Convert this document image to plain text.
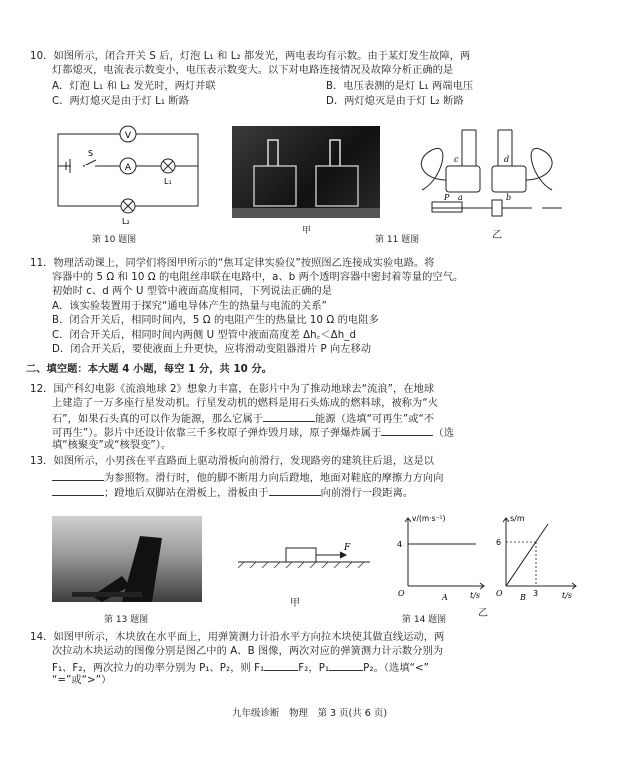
10．如图所示，闭合开关 S 后，灯泡 L₁ 和 L₂ 都发光，两电表均有示数。由于某灯发生故障，两
灯都熄灭，电流表示数变小，电压表示数变大。以下对电路连接情况及故障分析正确的是
A．灯泡 L₁ 和 L₂ 发光时，两灯并联	B．电压表测的是灯 L₁ 两端电压
C．两灯熄灭是由于灯 L₁ 断路	D．两灯熄灭是由于灯 L₂ 断路
V
A
S
L₁
L₂
第 10 题图
甲
c	d
a	b
P
第 11 题图	乙
11．物理活动课上，同学们将图甲所示的“焦耳定律实验仪”按照图乙连接成实验电路。将
容器中的 5 Ω 和 10 Ω 的电阻丝串联在电路中，a、b 两个透明容器中密封着等量的空气。
初始时 c、d 两个 U 型管中液面高度相同，下列说法正确的是
A．该实验装置用于探究“通电导体产生的热量与电流的关系”
B．闭合开关后，相同时间内，5 Ω 的电阻产生的热量比 10 Ω 的电阻多
C．闭合开关后，相同时间内两侧 U 型管中液面高度差 Δh꜀＜Δh_d
D．闭合开关后，要使液面上升更快，应将滑动变阻器滑片 P 向左移动
二、填空题：本大题 4 小题，每空 1 分，共 10 分。
12．国产科幻电影《流浪地球 2》想象力丰富，在影片中为了推动地球去“流浪”，在地球
上建造了一万多座行星发动机。行星发动机的燃料是用石头炼成的燃料球，被称为“火
石”，如果石头真的可以作为能源，那么它属于	能源（选填“可再生”或“不
可再生”）。影片中还设计依靠三千多枚原子弹炸毁月球，原子弹爆炸属于	（选
填“核聚变”或“核裂变”）。
13．如图所示，小男孩在平直路面上驱动滑板向前滑行，发现路旁的建筑往后退，这是以
为参照物。滑行时，他的脚不断用力向后蹬地，地面对鞋底的摩擦力方向向
；蹬地后双脚站在滑板上，滑板由于	向前滑行一段距离。
第 13 题图
F
甲
v/(m·s⁻¹)
4
O	t/s
A
s/m
6
3
O	t/s
B
第 14 题图
乙
14．如图甲所示，木块放在水平面上，用弹簧测力计沿水平方向拉木块使其做直线运动，两
次拉动木块运动的图像分别是图乙中的 A、B 图像，两次对应的弹簧测力计示数分别为
F₁、F₂，两次拉力的功率分别为 P₁、P₂，则 F₁	F₂，P₁	P₂。（选填“<”
“=”或“>”）
九年级诊断　物理　第 3 页(共 6 页)
